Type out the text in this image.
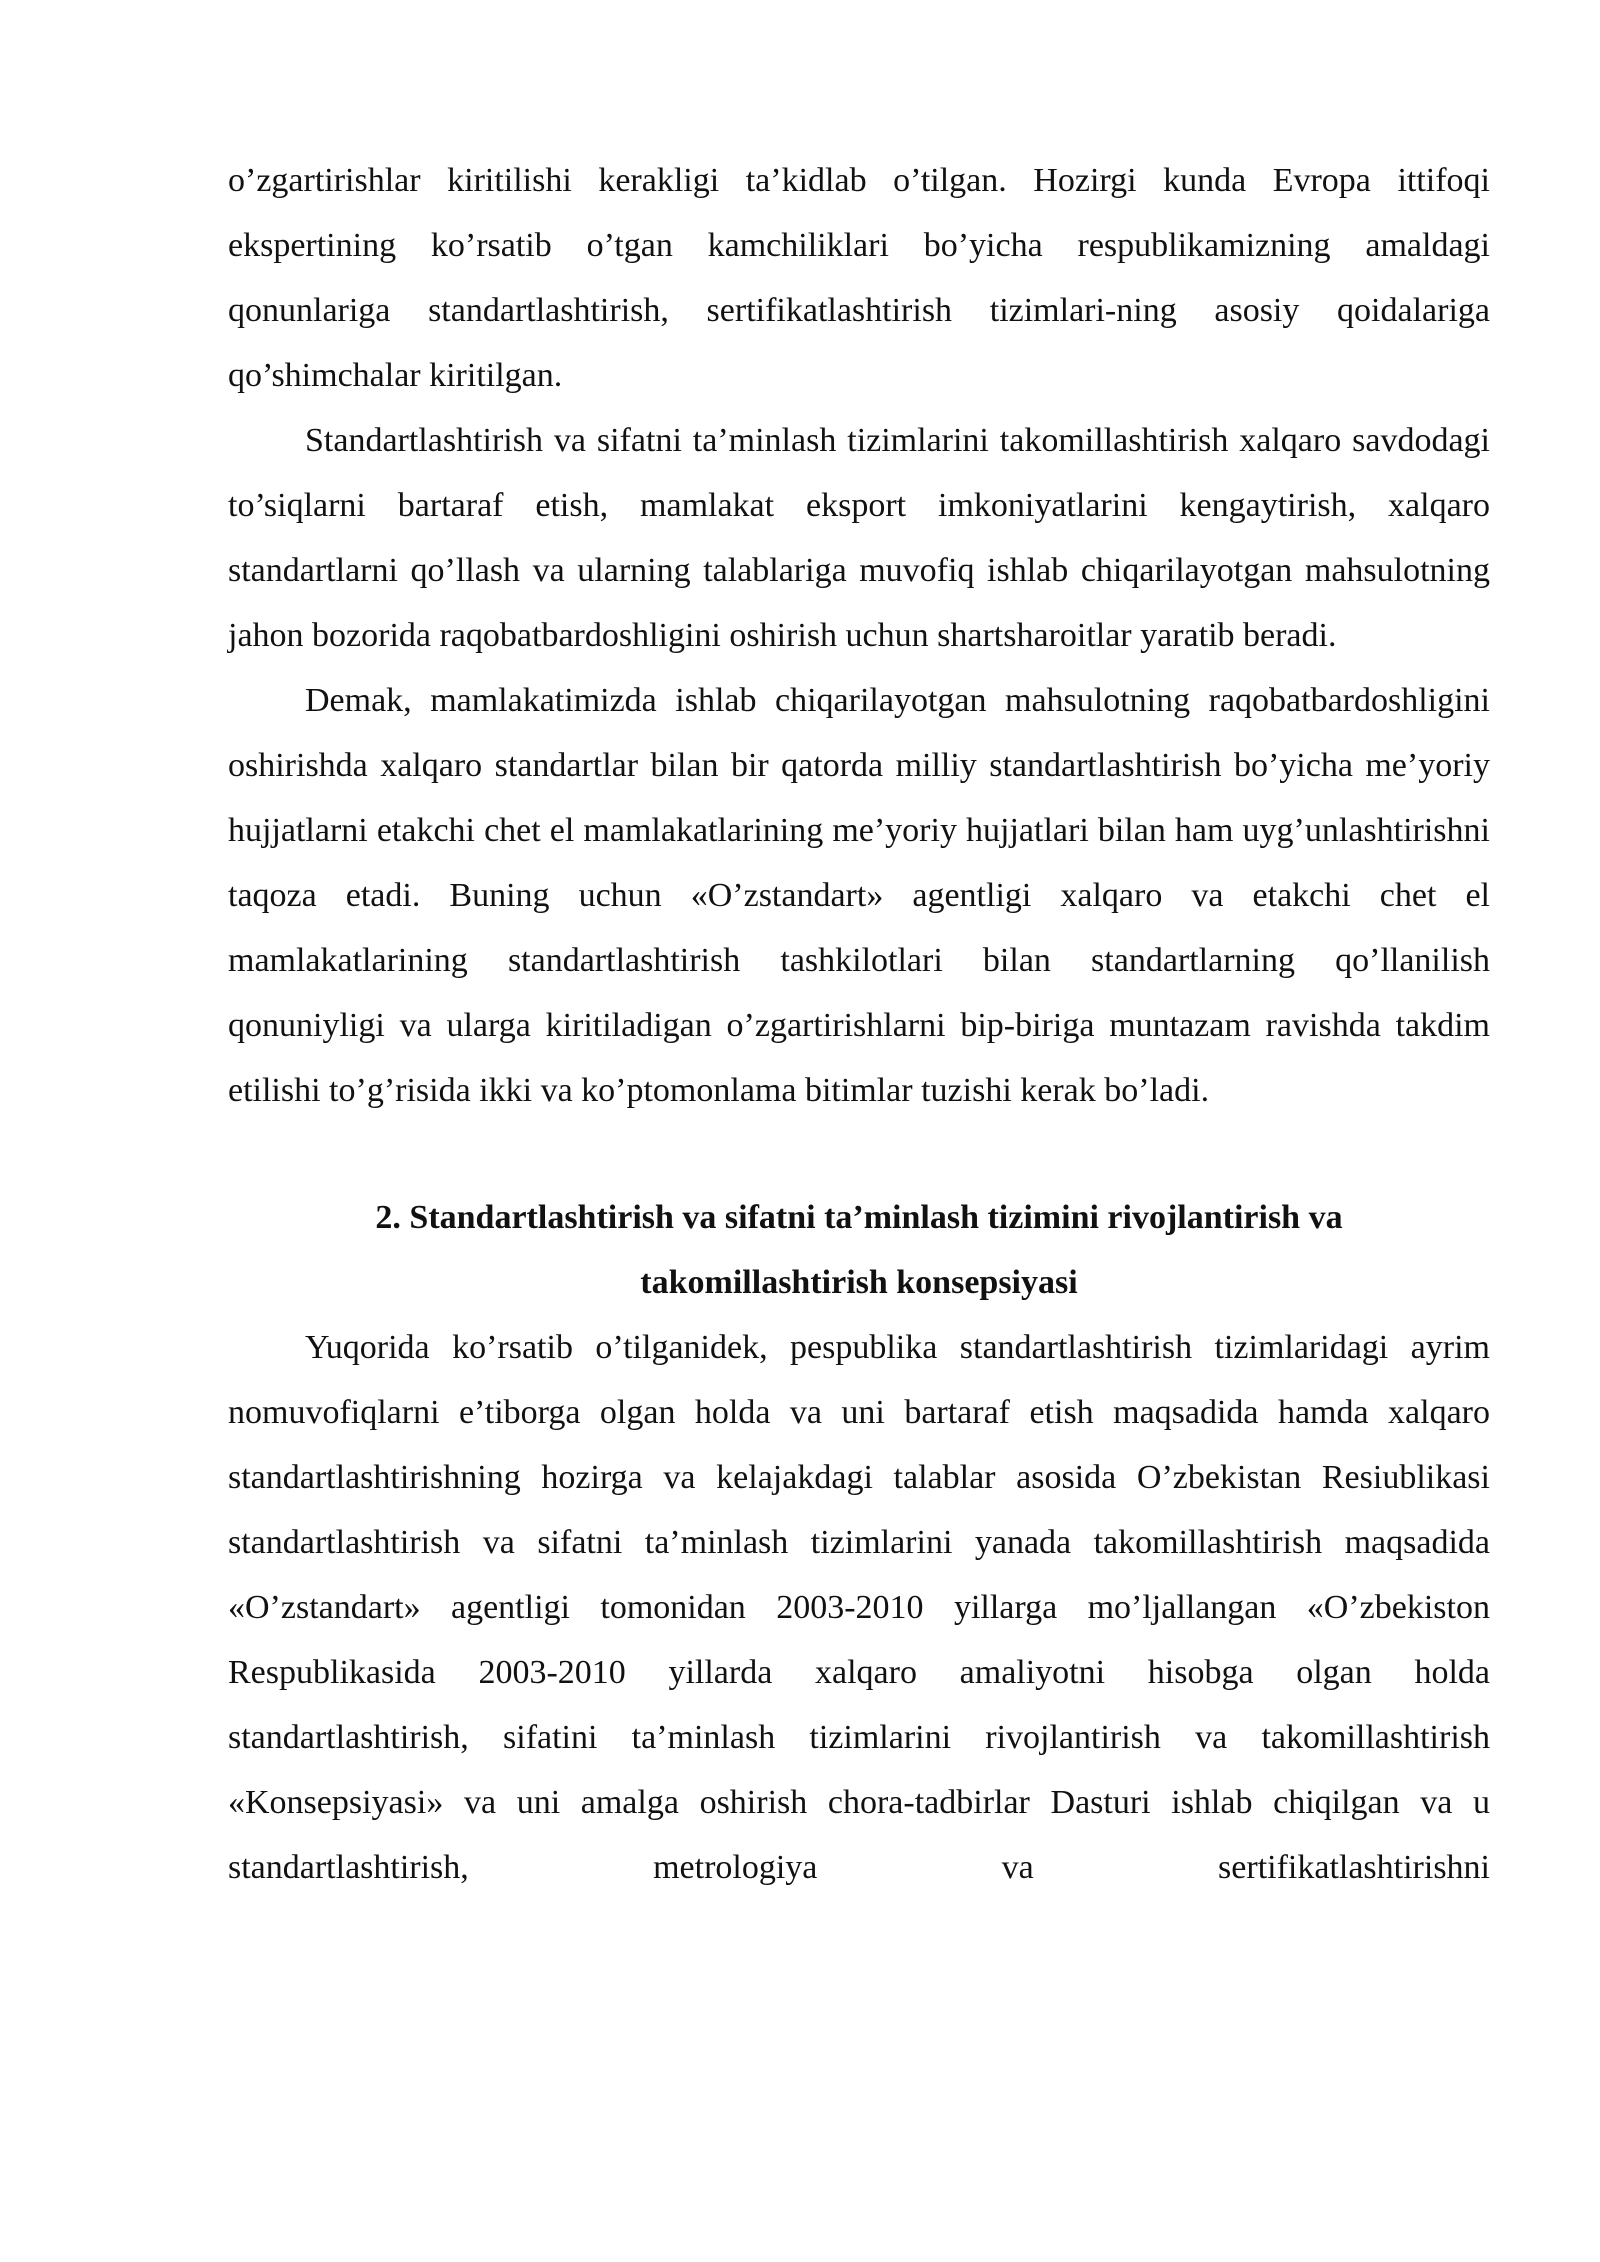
o’zgartirishlar kiritilishi kerakligi ta’kidlab o’tilgan. Hozirgi kunda Evropa ittifoqi ekspertining ko’rsatib o’tgan kamchiliklari bo’yicha respublikamizning amaldagi qonunlariga standartlashtirish, sertifikatlashtirish tizimlari-ning asosiy qoidalariga qo’shimchalar kiritilgan.

Standartlashtirish va sifatni ta’minlash tizimlarini takomillashtirish xalqaro savdodagi to’siqlarni bartaraf etish, mamlakat eksport imkoniyatlarini kengaytirish, xalqaro standartlarni qo’llash va ularning talablariga muvofiq ishlab chiqarilayotgan mahsulotning jahon bozorida raqobatbardoshligini oshirish uchun shartsharoitlar yaratib beradi.

Demak, mamlakatimizda ishlab chiqarilayotgan mahsulotning raqobatbardoshligini oshirishda xalqaro standartlar bilan bir qatorda milliy standartlashtirish bo’yicha me’yoriy hujjatlarni etakchi chet el mamlakatlarining me’yoriy hujjatlari bilan ham uyg’unlashtirishni taqoza etadi. Buning uchun «O’zstandart» agentligi xalqaro va etakchi chet el mamlakatlarining standartlashtirish tashkilotlari bilan standartlarning qo’llanilish qonuniyligi va ularga kiritiladigan o’zgartirishlarni bip-biriga muntazam ravishda takdim etilishi to’g’risida ikki va ko’ptomonlama bitimlar tuzishi kerak bo’ladi.

2. Standartlashtirish va sifatni ta’minlash tizimini rivojlantirish va
takomillashtirish konsepsiyasi

Yuqorida ko’rsatib o’tilganidek, pespublika standartlashtirish tizimlaridagi ayrim nomuvofiqlarni e’tiborga olgan holda va uni bartaraf etish maqsadida hamda xalqaro standartlashtirishning hozirga va kelajakdagi talablar asosida O’zbekistan Resiublikasi standartlashtirish va sifatni ta’minlash tizimlarini yanada takomillashtirish maqsadida «O’zstandart» agentligi tomonidan 2003-2010 yillarga mo’ljallangan «O’zbekiston Respublikasida 2003-2010 yillarda xalqaro amaliyotni hisobga olgan holda standartlashtirish, sifatini ta’minlash tizimlarini rivojlantirish va takomillashtirish «Konsepsiyasi» va uni amalga oshirish chora-tadbirlar Dasturi ishlab chiqilgan va u standartlashtirish, metrologiya va sertifikatlashtirishni
